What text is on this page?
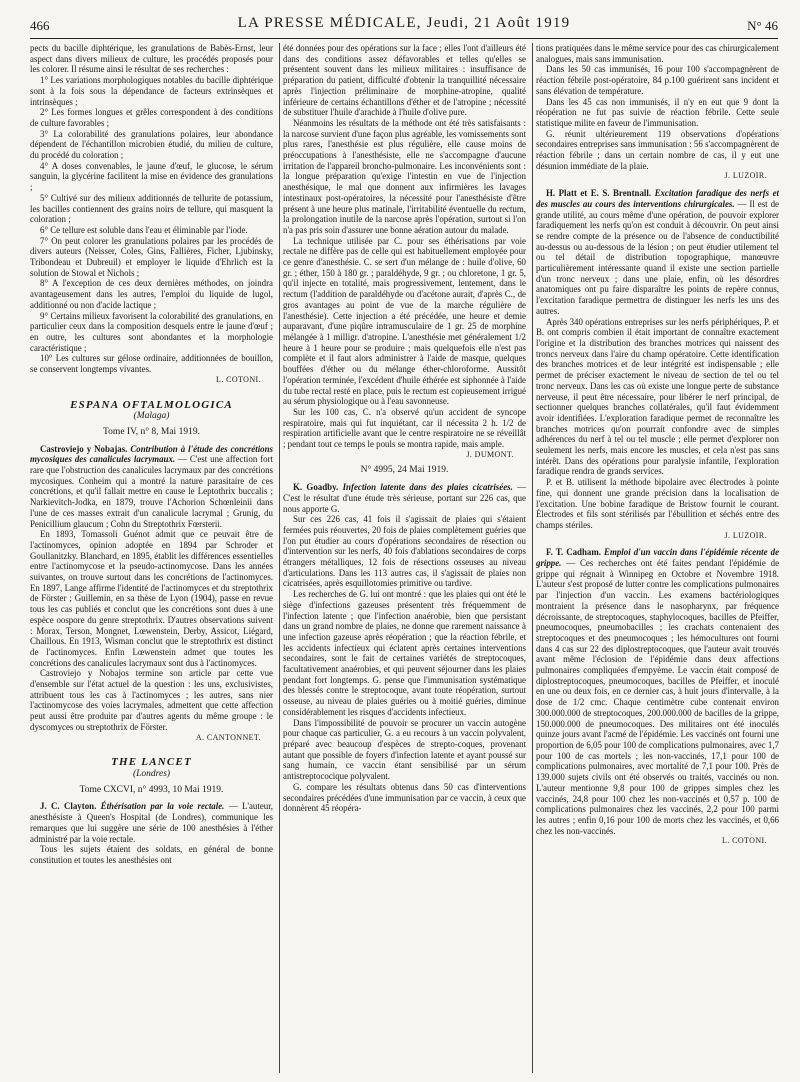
466	LA PRESSE MÉDICALE, Jeudi, 21 Août 1919	N° 46

pects du bacille diphtérique, les granulations de Babès-Ernst, leur aspect dans divers milieux de culture, les procédés proposés pour les colorer. Il résume ainsi le résultat de ses recherches :

1° Les variations morphologiques notables du bacille diphtérique sont à la fois sous la dépendance de facteurs extrinsèques et intrinsèques ;

2° Les formes longues et grêles correspondent à des conditions de culture favorables ;

3° La colorabilité des granulations polaires, leur abondance dépendent de l'échantillon microbien étudié, du milieu de culture, du procédé du coloration ;

4° A doses convenables, le jaune d'œuf, le glucose, le sérum sanguin, la glycérine facilitent la mise en évidence des granulations ;

5° Cultivé sur des milieux additionnés de tellurite de potassium, les bacilles contiennent des grains noirs de tellure, qui masquent la coloration ;

6° Ce tellure est soluble dans l'eau et éliminable par l'iode.

7° On peut colorer les granulations polaires par les procédés de divers auteurs (Neisser, Coles, Gins, Fallières, Ficher, Ljubinsky, Tribondeau et Dubreuil) et employer le liquide d'Ehrlich est la solution de Stowal et Nichols ;

8° A l'exception de ces deux dernières méthodes, on joindra avantageusement dans les autres, l'emploi du liquide de lugol, additionné ou non d'acide lactique ;

9° Certains milieux favorisent la colorabilité des granulations, en particulier ceux dans la composition desquels entre le jaune d'œuf ; en outre, les cultures sont abondantes et la morphologie caractéristique ;

10° Les cultures sur gélose ordinaire, additionnées de bouillon, se conservent longtemps vivantes.

L. COTONI.
ESPANA OFTALMOLOGICA
(Malaga)
Tome IV, n° 8, Mai 1919.

Castroviejo y Nobajas. Contribution à l'étude des concrétions mycosiques des canalicules lacrymaux. — C'est une affection fort rare que l'obstruction des canalicules lacrymaux par des concrétions mycosiques. Conheim qui a montré la nature parasitaire de ces concrétions, et qu'il fallait mettre en cause le Leptothrix buccalis ; Narkievitch-Jodka, en 1879, trouve l'Achorion Schœnleinii dans l'une de ces masses extrait d'un canalicule lacrymal ; Grunig, du Penicillium glaucum ; Cohn du Streptothrix Fœrsterii.

En 1893, Tomassoli Guénot admit que ce peuvait être de l'actinomyces, opinion adoptée en 1894 par Schroder et Goullanitzky. Blanchard, en 1895, établit les différences essentielles entre l'actinomycose et la pseudo-actinomycose. Dans les années suivantes, on trouve surtout dans les concrétions de l'actinomyces. En 1897, Lange affirme l'identité de l'actinomyces et du streptothrix de Förster ; Guillemin, en sa thèse de Lyon (1904), passe en revue tous les cas publiés et conclut que les concrétions sont dues à une espèce oospore du genre streptothrix. D'autres observations suivent : Morax, Terson, Mongnet, Lœwenstein, Derby, Assicot, Liégard, Chaillous. En 1913, Wisman conclut que le streptothrix est distinct de l'actinomyces. Enfin Lœwenstein admet que toutes les concrétions des canalicules lacrymaux sont dus à l'actinomyces.

Castroviejo y Nobajos termine son article par cette vue d'ensemble sur l'état actuel de la question : les uns, exclusivistes, attribuent tous les cas à l'actinomyces ; les autres, sans nier l'actinomycose des voies lacrymales, admettent que cette affection peut aussi être produite par d'autres agents du même groupe : le dyscomyces ou streptothrix de Förster.

A. CANTONNET.
THE LANCET
(Londres)
Tome CXCVI, n° 4993, 10 Mai 1919.

J. C. Clayton. Éthérisation par la voie rectale. — L'auteur, anesthésiste à Queen's Hospital (de Londres), communique les remarques que lui suggère une série de 100 anesthésies à l'éther administré par la voie rectale.

Tous les sujets étaient des soldats, en général de bonne constitution et toutes les anesthésies ont

été données pour des opérations sur la face ; elles l'ont d'ailleurs été dans des conditions assez défavorables et telles qu'elles se présentent souvent dans les milieux militaires : insuffisance de préparation du patient, difficulté d'obtenir la tranquillité nécessaire après l'injection préliminaire de morphine-atropine, qualité inférieure de certains échantillons d'éther et de l'atropine ; nécessité de substituer l'huile d'arachide à l'huile d'olive pure.

Néanmoins les résultats de la méthode ont été très satisfaisants : la narcose survient d'une façon plus agréable, les vomissements sont plus rares, l'anesthésie est plus régulière, elle cause moins de préoccupations à l'anesthésiste, elle ne s'accompagne d'aucune irritation de l'appareil broncho-pulmonaire. Les inconvénients sont : la longue préparation qu'exige l'intestin en vue de l'injection anesthésique, le mal que donnent aux infirmières les lavages intestinaux post-opératoires, la nécessité pour l'anesthésiste d'être présent à une heure plus matinale, l'irritabilité éventuelle du rectum, la prolongation inutile de la narcose après l'opération, surtout si l'on n'a pas pris soin d'assurer une bonne aération autour du malade.

La technique utilisée par C. pour ses éthérisations par voie rectale ne diffère pas de celle qui est habituellement employée pour ce genre d'anesthésie. C. se sert d'un mélange de : huile d'olive, 60 gr. ; éther, 150 à 180 gr. ; paraldéhyde, 9 gr. ; ou chloretone, 1 gr. 5, qu'il injecte en totalité, mais progressivement, lentement, dans le rectum (l'addition de paraldéhyde ou d'acétone aurait, d'après C., de gros avantages au point de vue de la marche régulière de l'anesthésie). Cette injection a été précédée, une heure et demie auparavant, d'une piqûre intramusculaire de 1 gr. 25 de morphine mélangée à 1 milligr. d'atropine. L'anesthésie met généralement 1/2 heure à 1 heure pour se produire ; mais quelquefois elle n'est pas complète et il faut alors administrer à l'aide de masque, quelques bouffées d'éther ou du mélange éther-chloroforme. Aussitôt l'opération terminée, l'excédent d'huile éthérée est siphonnée à l'aide du tube rectal resté en place, puis le rectum est copieusement irrigué au sérum physiologique ou à l'eau savonneuse.

Sur les 100 cas, C. n'a observé qu'un accident de syncope respiratoire, mais qui fut inquiétant, car il nécessita 2 h. 1/2 de respiration artificielle avant que le centre respiratoire ne se réveillât ; pendant tout ce temps le pouls se montra rapide, mais ample.

J. DUMONT.
N° 4995, 24 Mai 1919.

K. Goadby. Infection latente dans des plaies cicatrisées. — C'est le résultat d'une étude très sérieuse, portant sur 226 cas, que nous apporte G.

Sur ces 226 cas, 41 fois il s'agissait de plaies qui s'étaient fermées puis réouvertes, 20 fois de plaies complètement guéries que l'on put étudier au cours d'opérations secondaires de résection ou d'intervention sur les nerfs, 40 fois d'ablations secondaires de corps étrangers métalliques, 12 fois de résections osseuses au niveau d'articulations. Dans les 113 autres cas, il s'agissait de plaies non cicatrisées, après esquillotomies primitive ou tardive.

Les recherches de G. lui ont montré : que les plaies qui ont été le siège d'infections gazeuses présentent très fréquemment de l'infection latente ; que l'infection anaérobie, bien que persistant dans un grand nombre de plaies, ne donne que rarement naissance à une infection gazeuse après réopération ; que la réaction fébrile, et les accidents infectieux qui éclatent après certaines interventions secondaires, sont le fait de certaines variétés de streptocoques, facultativement anaérobies, et qui peuvent séjourner dans les plaies pendant fort longtemps. G. pense que l'immunisation systématique des blessés contre le streptocoque, avant toute réopération, surtout osseuse, au niveau de plaies guéries ou à moitié guéries, diminue considérablement les risques d'accidents infectieux.

Dans l'impossibilité de pouvoir se procurer un vaccin autogène pour chaque cas particulier, G. a eu recours à un vaccin polyvalent, préparé avec beaucoup d'espèces de strepto-coques, provenant autant que possible de foyers d'infection latente et ayant poussé sur sang humain, ce vaccin étant sensibilisé par un sérum antistreptococique polyvalent.

G. compare les résultats obtenus dans 50 cas d'interventions secondaires précédées d'une immunisation par ce vaccin, à ceux que donnèrent 45 réopéra-

tions pratiquées dans le même service pour des cas chirurgicalement analogues, mais sans immunisation.

Dans les 50 cas immunisés, 16 pour 100 s'accompagnèrent de réaction fébrile post-opératoire, 84 p.100 guérirent sans incident et sans élévation de température.

Dans les 45 cas non immunisés, il n'y en eut que 9 dont la réopération ne fut pas suivie de réaction fébrile. Cette seule statistique milite en faveur de l'immunisation.

G. réunit ultérieurement 119 observations d'opérations secondaires entreprises sans immunisation : 56 s'accompagnèrent de réaction fébrile ; dans un certain nombre de cas, il y eut une désunion immédiate de la plaie.

J. LUZOIR.

H. Platt et E. S. Brentnall. Excitation faradique des nerfs et des muscles au cours des interventions chirurgicales. — Il est de grande utilité, au cours même d'une opération, de pouvoir explorer faradiquement les nerfs qu'on est conduit à découvrir. On peut ainsi se rendre compte de la présence ou de l'absence de conductibilité au-dessus ou au-dessous de la lésion ; on peut étudier utilement tel ou tel détail de distribution topographique, manœuvre particulièrement intéressante quand il existe une section partielle d'un tronc nerveux ; dans une plaie, enfin, où les désordres anatomiques ont pu faire disparaître les points de repère connus, l'excitation faradique permettra de distinguer les nerfs les uns des autres.

Après 340 opérations entreprises sur les nerfs périphériques, P. et B. ont compris combien il était important de connaître exactement l'origine et la distribution des branches motrices qui naissent des troncs nerveux dans l'aire du champ opératoire. Cette identification des branches motrices et de leur intégrité est indispensable ; elle permet de préciser exactement le niveau de section de tel ou tel tronc nerveux. Dans les cas où existe une longue perte de substance nerveuse, il peut être nécessaire, pour libérer le nerf principal, de sectionner quelques branches collatérales, qu'il faut évidemment avoir identifiées. L'exploration faradique permet de reconnaître les branches motrices qu'on pourrait confondre avec de simples adhérences du nerf à tel ou tel muscle ; elle permet d'explorer non seulement les nerfs, mais encore les muscles, et cela n'est pas sans intérêt. Dans des opérations pour paralysie infantile, l'exploration faradique rendra de grands services.

P. et B. utilisent la méthode bipolaire avec électrodes à pointe fine, qui donnent une grande précision dans la localisation de l'excitation. Une bobine faradique de Bristow fournit le courant. Électrodes et fils sont stérilisés par l'ébullition et séchés entre des champs stériles.

J. LUZOIR.

F. T. Cadham. Emploi d'un vaccin dans l'épidémie récente de grippe. — Ces recherches ont été faites pendant l'épidémie de grippe qui régnait à Winnipeg en Octobre et Novembre 1918. L'auteur s'est proposé de lutter contre les complications pulmonaires par l'injection d'un vaccin. Les examens bactériologiques montraient la présence dans le nasopharynx, par fréquence décroissante, de streptocoques, staphylocoques, bacilles de Pfeiffer, pneumocoques, pneumobacilles ; les crachats contenaient des streptocoques et des pneumocoques ; les hémocultures ont fourni dans 4 cas sur 22 des diplostreptocoques, que l'auteur avait trouvés avant même l'éclosion de l'épidémie dans deux affections pulmonaires compliquées d'empyème. Le vaccin était composé de diplostreptocoques, pneumocoques, bacilles de Pfeiffer, et inoculé en une ou deux fois, en ce dernier cas, à huit jours d'intervalle, à la dose de 1/2 cmc. Chaque centimètre cube contenait environ 300.000.000 de streptocoques, 200.000.000 de bacilles de la grippe, 150.000.000 de pneumocoques. Des militaires ont été inoculés quinze jours avant l'acmé de l'épidémie. Les vaccinés ont fourni une proportion de 6,05 pour 100 de complications pulmonaires, avec 1,7 pour 100 de cas mortels ; les non-vaccinés, 17,1 pour 100 de complications pulmonaires, avec mortalité de 7,1 pour 100. Près de 139.000 sujets civils ont été observés ou traités, vaccinés ou non. L'auteur mentionne 9,8 pour 100 de grippes simples chez les vaccinés, 24,8 pour 100 chez les non-vaccinés et 0,57 p. 100 de complications pulmonaires chez les vaccinés, 2,2 pour 100 parmi les autres ; enfin 0,16 pour 100 de morts chez les vaccinés, et 0,66 chez les non-vaccinés.

L. COTONI.
